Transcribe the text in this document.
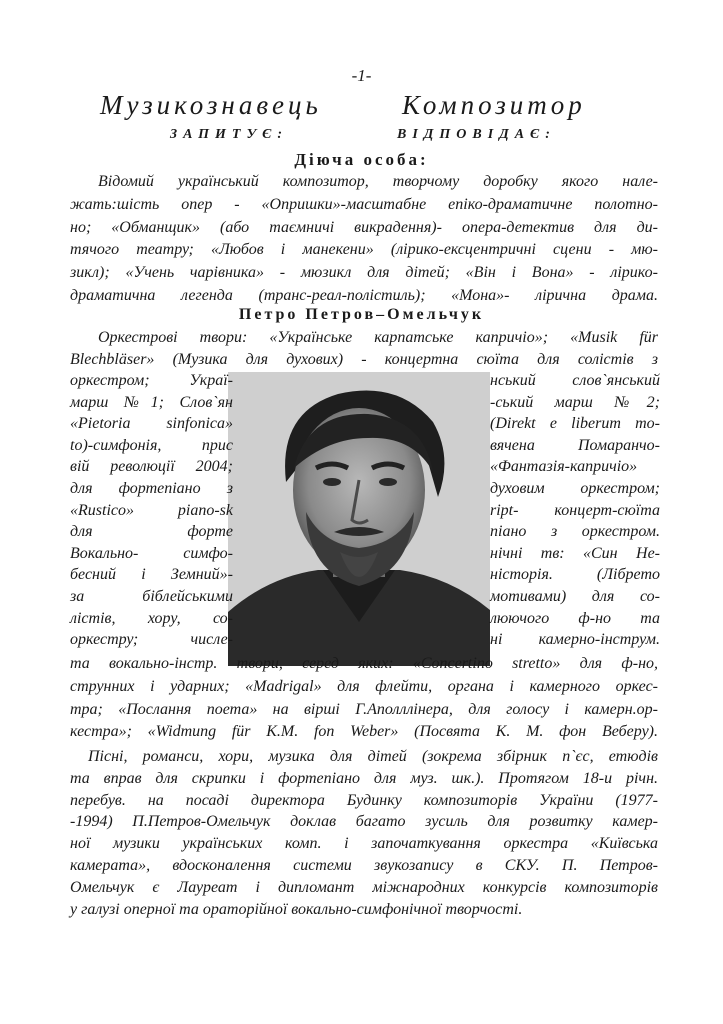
-1-
Музикознавець	Композитор
ЗАПИТУЄ:	ВІДПОВІДАЄ:
Діюча особа:
Відомий український композитор, творчому доробку якого нале-
жать:шість опер - «Опришки»-масштабне епіко-драматичне полотно-
но; «Обманщик» (або таємничі викрадення)- опера-детектив для ди-
тячого театру; «Любов і манекени» (лірико-ексцентричні сцени - мю-
зикл); «Учень чарівника» - мюзикл для дітей; «Він і Вона» - лірико-
драматична легенда (транс-реал-полістиль); «Мона»- лірична драма.
Петро Петров–Омельчук
Оркестрові твори: «Українське карпатське капричіо»; «Musik für
Blechbläser» (Музика для духових) - концертна сюїта для солістів з
оркестром; Украї-	нський слов`янський
марш №1; Слов`ян	-ський марш №2;
«Pietoria sinfonica»	(Direkt e liberum mo-
to)-симфонія, прис	вячена Помаранчо-
вій революції 2004;	«Фантазія-капричіо»
для фортепіано з	духовим оркестром;
«Rustico» piano-sk	ript- концерт-сюїта
для форте	піано з оркестром.
Вокально- симфо-	нічні тв: «Син Не-
бесний і Земний»-	ністорія. (Лібрето
за біблейськими	мотивами) для со-
лістів, хору, со-	люючого ф-но та
оркестру; числе-	ні камерно-інструм.
та вокально-інстр. твори, серед яких: «Concertino stretto» для ф-но,
струнних і ударних; «Madrigal» для флейти, органа і камерного оркес-
тра; «Послання поета» на вірші Г.Аполллінера, для голосу і камерн.ор-
кестра»; «Widmung für K.M. fon Weber» (Посвята К. М. фон Веберу).
Пісні, романси, хори, музика для дітей (зокрема збірник п`єс, етюдів
та вправ для скрипки і фортепіано для муз. шк.). Протягом 18-и річн.
перебув. на посаді директора Будинку композиторів України (1977-
-1994) П.Петров-Омельчук доклав багато зусиль для розвитку камер-
ної музики українських комп. і започаткування оркестра «Київська
камерата», вдосконалення системи звукозапису в СКУ. П. Петров-
Омельчук є Лауреат і дипломант міжнародних конкурсів композиторів
у галузі оперної та ораторійної вокально-симфонічної творчості.
